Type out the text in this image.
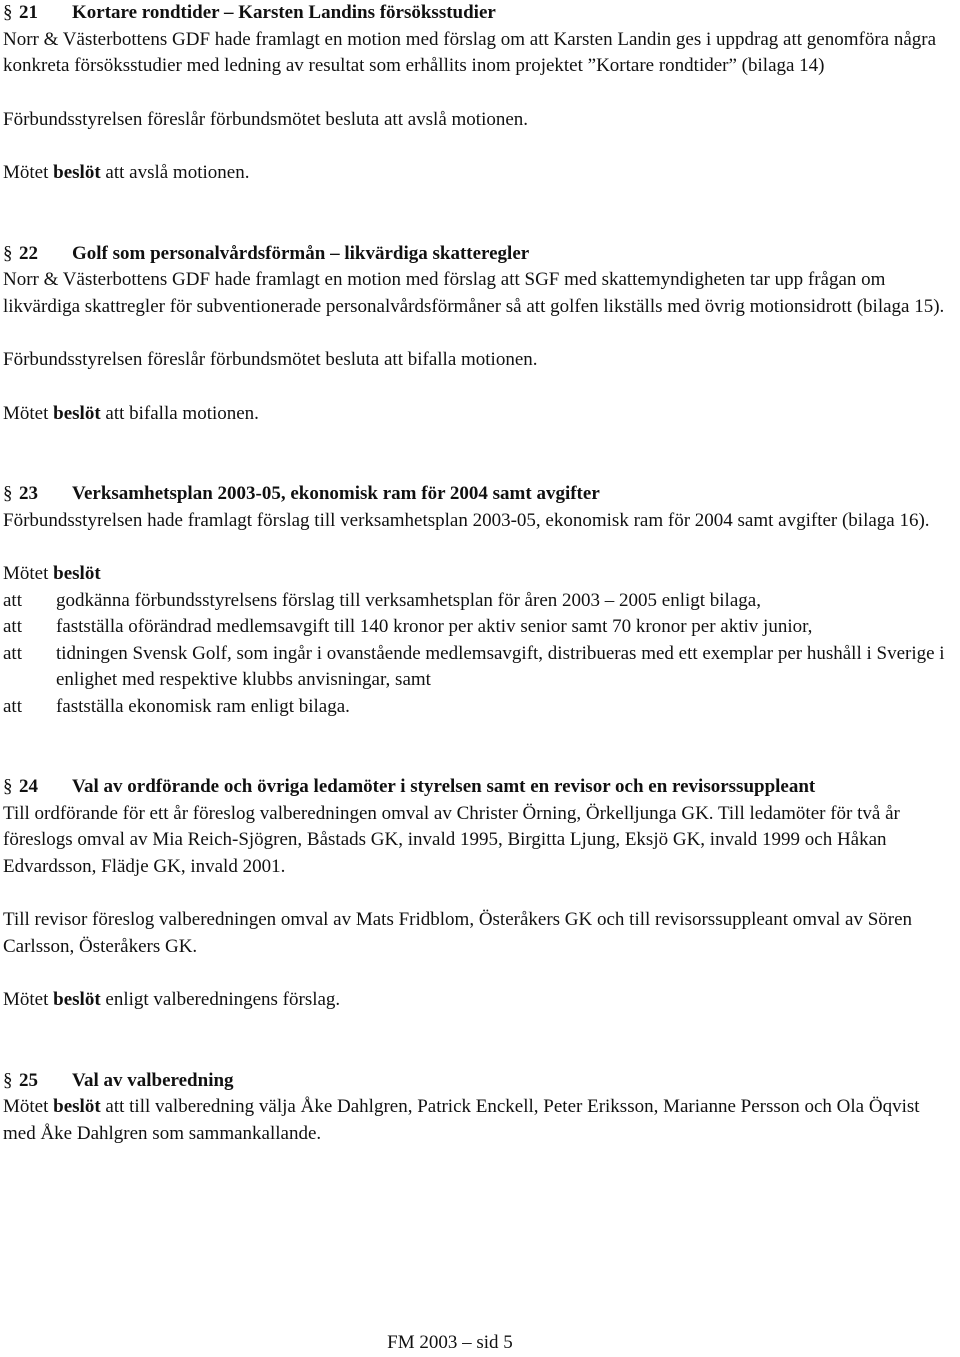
§ 21	Kortare rondtider – Karsten Landins försöksstudier

Norr & Västerbottens GDF hade framlagt en motion med förslag om att Karsten Landin ges i uppdrag att genomföra några konkreta försöksstudier med ledning av resultat som erhållits inom projektet ”Kortare rondtider” (bilaga 14)

Förbundsstyrelsen föreslår förbundsmötet besluta att avslå motionen.

Mötet beslöt att avslå motionen.

§ 22	Golf som personalvårdsförmån – likvärdiga skatteregler

Norr & Västerbottens GDF hade framlagt en motion med förslag att SGF med skattemyndigheten tar upp frågan om likvärdiga skattregler för subventionerade personalvårdsförmåner så att golfen likställs med övrig motionsidrott (bilaga 15).

Förbundsstyrelsen föreslår förbundsmötet besluta att bifalla motionen.

Mötet beslöt att bifalla motionen.

§ 23	Verksamhetsplan 2003-05, ekonomisk ram för 2004 samt avgifter

Förbundsstyrelsen hade framlagt förslag till verksamhetsplan 2003-05, ekonomisk ram för 2004 samt avgifter (bilaga 16).

Mötet beslöt

att	godkänna förbundsstyrelsens förslag till verksamhetsplan för åren 2003 – 2005 enligt bilaga,
att	fastställa oförändrad medlemsavgift till 140 kronor per aktiv senior samt 70 kronor per aktiv junior,
att	tidningen Svensk Golf, som ingår i ovanstående medlemsavgift, distribueras med ett exemplar per hushåll i Sverige i enlighet med respektive klubbs anvisningar, samt
att	fastställa ekonomisk ram enligt bilaga.
§ 24	Val av ordförande och övriga ledamöter i styrelsen samt en revisor och en revisorssuppleant

Till ordförande för ett år föreslog valberedningen omval av Christer Örning, Örkelljunga GK. Till ledamöter för två år föreslogs omval av Mia Reich-Sjögren, Båstads GK, invald 1995, Birgitta Ljung, Eksjö GK, invald 1999 och Håkan Edvardsson, Flädje GK, invald 2001.

Till revisor föreslog valberedningen omval av Mats Fridblom, Österåkers GK och till revisorssuppleant omval av Sören Carlsson, Österåkers GK.

Mötet beslöt enligt valberedningens förslag.

§ 25	Val av valberedning

Mötet beslöt att till valberedning välja Åke Dahlgren, Patrick Enckell, Peter Eriksson, Marianne Persson och Ola Öqvist med Åke Dahlgren som sammankallande.

FM 2003 – sid 5
